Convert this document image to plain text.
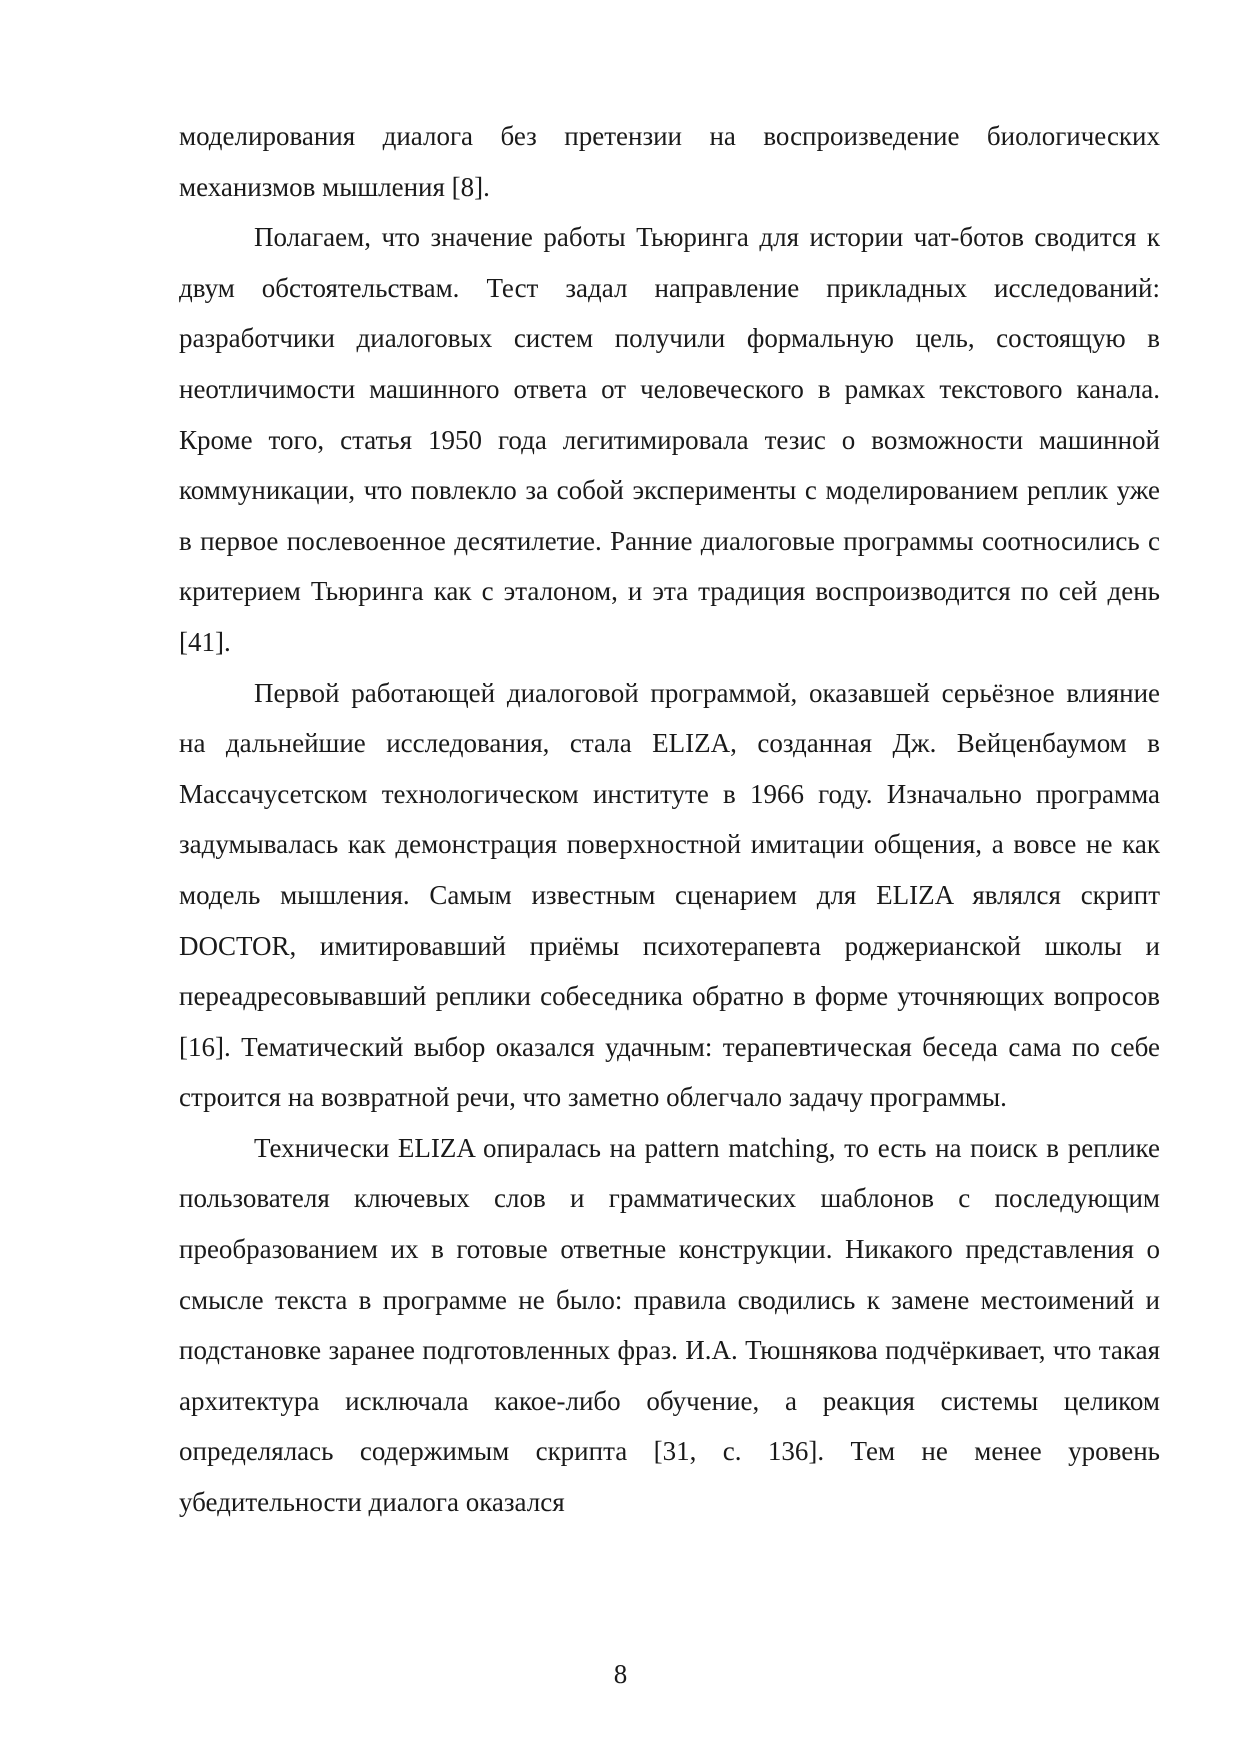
моделирования диалога без претензии на воспроизведение биологических механизмов мышления [8].

Полагаем, что значение работы Тьюринга для истории чат-ботов сводится к двум обстоятельствам. Тест задал направление прикладных исследований: разработчики диалоговых систем получили формальную цель, состоящую в неотличимости машинного ответа от человеческого в рамках текстового канала. Кроме того, статья 1950 года легитимировала тезис о возможности машинной коммуникации, что повлекло за собой эксперименты с моделированием реплик уже в первое послевоенное десятилетие. Ранние диалоговые программы соотносились с критерием Тьюринга как с эталоном, и эта традиция воспроизводится по сей день [41].

Первой работающей диалоговой программой, оказавшей серьёзное влияние на дальнейшие исследования, стала ELIZA, созданная Дж. Вейценбаумом в Массачусетском технологическом институте в 1966 году. Изначально программа задумывалась как демонстрация поверхностной имитации общения, а вовсе не как модель мышления. Самым известным сценарием для ELIZA являлся скрипт DOCTOR, имитировавший приёмы психотерапевта роджерианской школы и переадресовывавший реплики собеседника обратно в форме уточняющих вопросов [16]. Тематический выбор оказался удачным: терапевтическая беседа сама по себе строится на возвратной речи, что заметно облегчало задачу программы.

Технически ELIZA опиралась на pattern matching, то есть на поиск в реплике пользователя ключевых слов и грамматических шаблонов с последующим преобразованием их в готовые ответные конструкции. Никакого представления о смысле текста в программе не было: правила сводились к замене местоимений и подстановке заранее подготовленных фраз. И.А. Тюшнякова подчёркивает, что такая архитектура исключала какое-либо обучение, а реакция системы целиком определялась содержимым скрипта [31, с. 136]. Тем не менее уровень убедительности диалога оказался

8
